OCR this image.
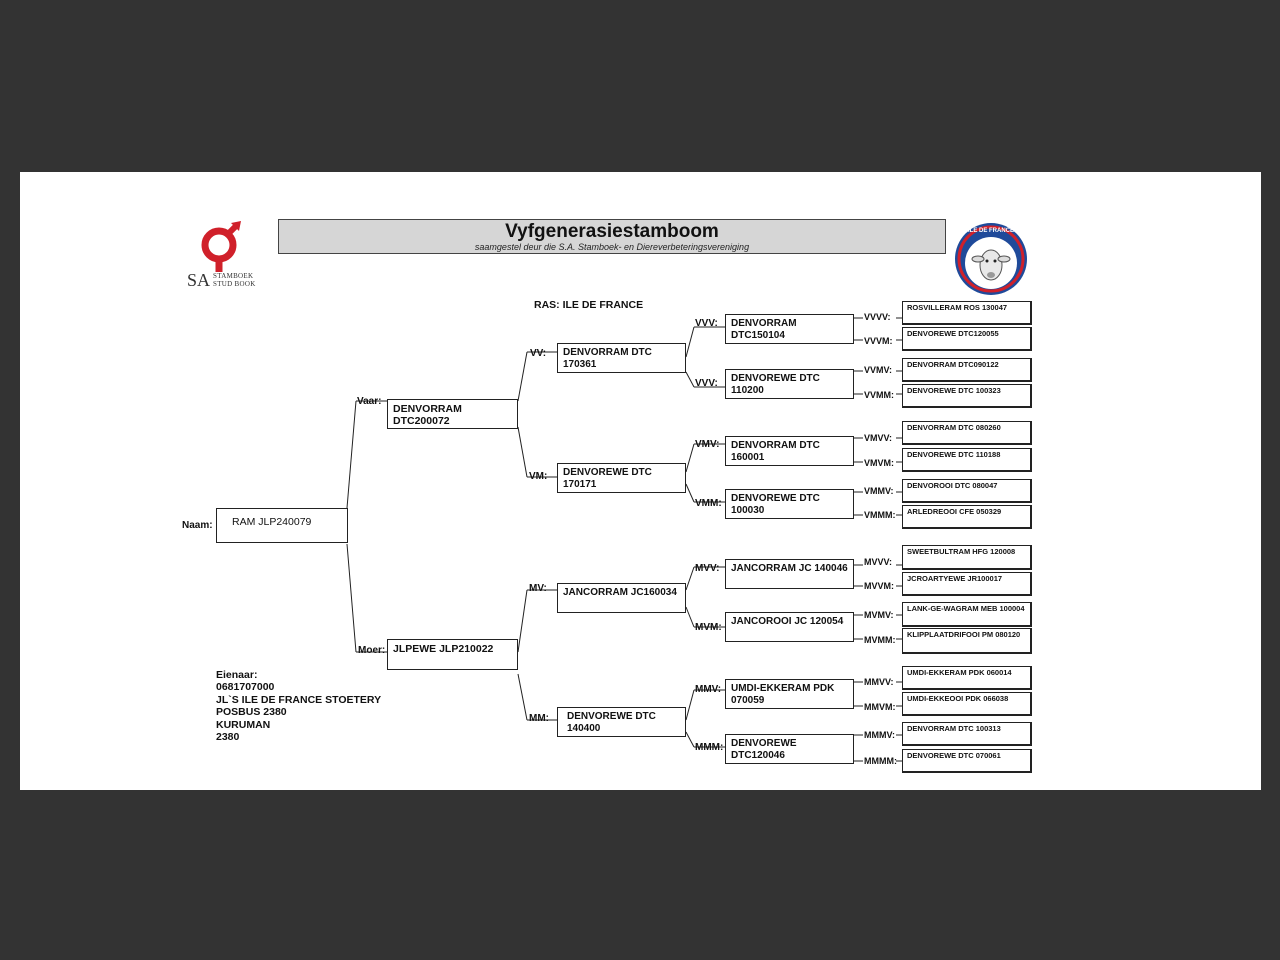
SA STAMBOEK
STUD BOOK
Vyfgenerasiestamboom
saamgestel deur die S.A. Stamboek- en Diereverbeteringsvereniging
ILE DE FRANCE
RAS: ILE DE FRANCE
Naam:	RAM JLP240079
Vaar:
DENVORRAM DTC200072
Moer: JLPEWE JLP210022
VV:	DENVORRAM DTC 170361
VM:	DENVOREWE DTC 170171
MV:	JANCORRAM JC160034
MM:	DENVOREWE DTC 140400
VVV:	DENVORRAM DTC150104
VVV:	DENVOREWE DTC 110200
VMV:	DENVORRAM DTC 160001
VMM: DENVOREWE DTC 100030
MVV:	JANCORRAM JC 140046
MVM:
JANCOROOI JC 120054
MMV: UMDI-EKKERAM PDK 070059
MMM: DENVOREWE DTC120046
VVVV:
VVVM:
VVMV:
VVMM:
VMVV:
VMVM:
VMMV:
VMMM:
MVVV:
MVVM:
MVMV:
MVMM:
MMVV:
MMVM:
MMMV:
MMMM:
ROSVILLERAM ROS 130047
DENVOREWE DTC120055
DENVORRAM DTC090122
DENVOREWE DTC 100323
DENVORRAM DTC 080260
DENVOREWE DTC 110188
DENVOROOI DTC 080047
ARLEDREOOI CFE 050329
SWEETBULTRAM HFG 120008
JCROARTYEWE JR100017
LANK-GE-WAGRAM MEB 100004
KLIPPLAATDRIFOOI PM 080120
UMDI-EKKERAM PDK 060014
UMDI-EKKEOOI PDK 066038
DENVORRAM DTC 100313
DENVOREWE DTC 070061
Eienaar:
0681707000
JL`S ILE DE FRANCE STOETERY
POSBUS 2380
KURUMAN
2380
